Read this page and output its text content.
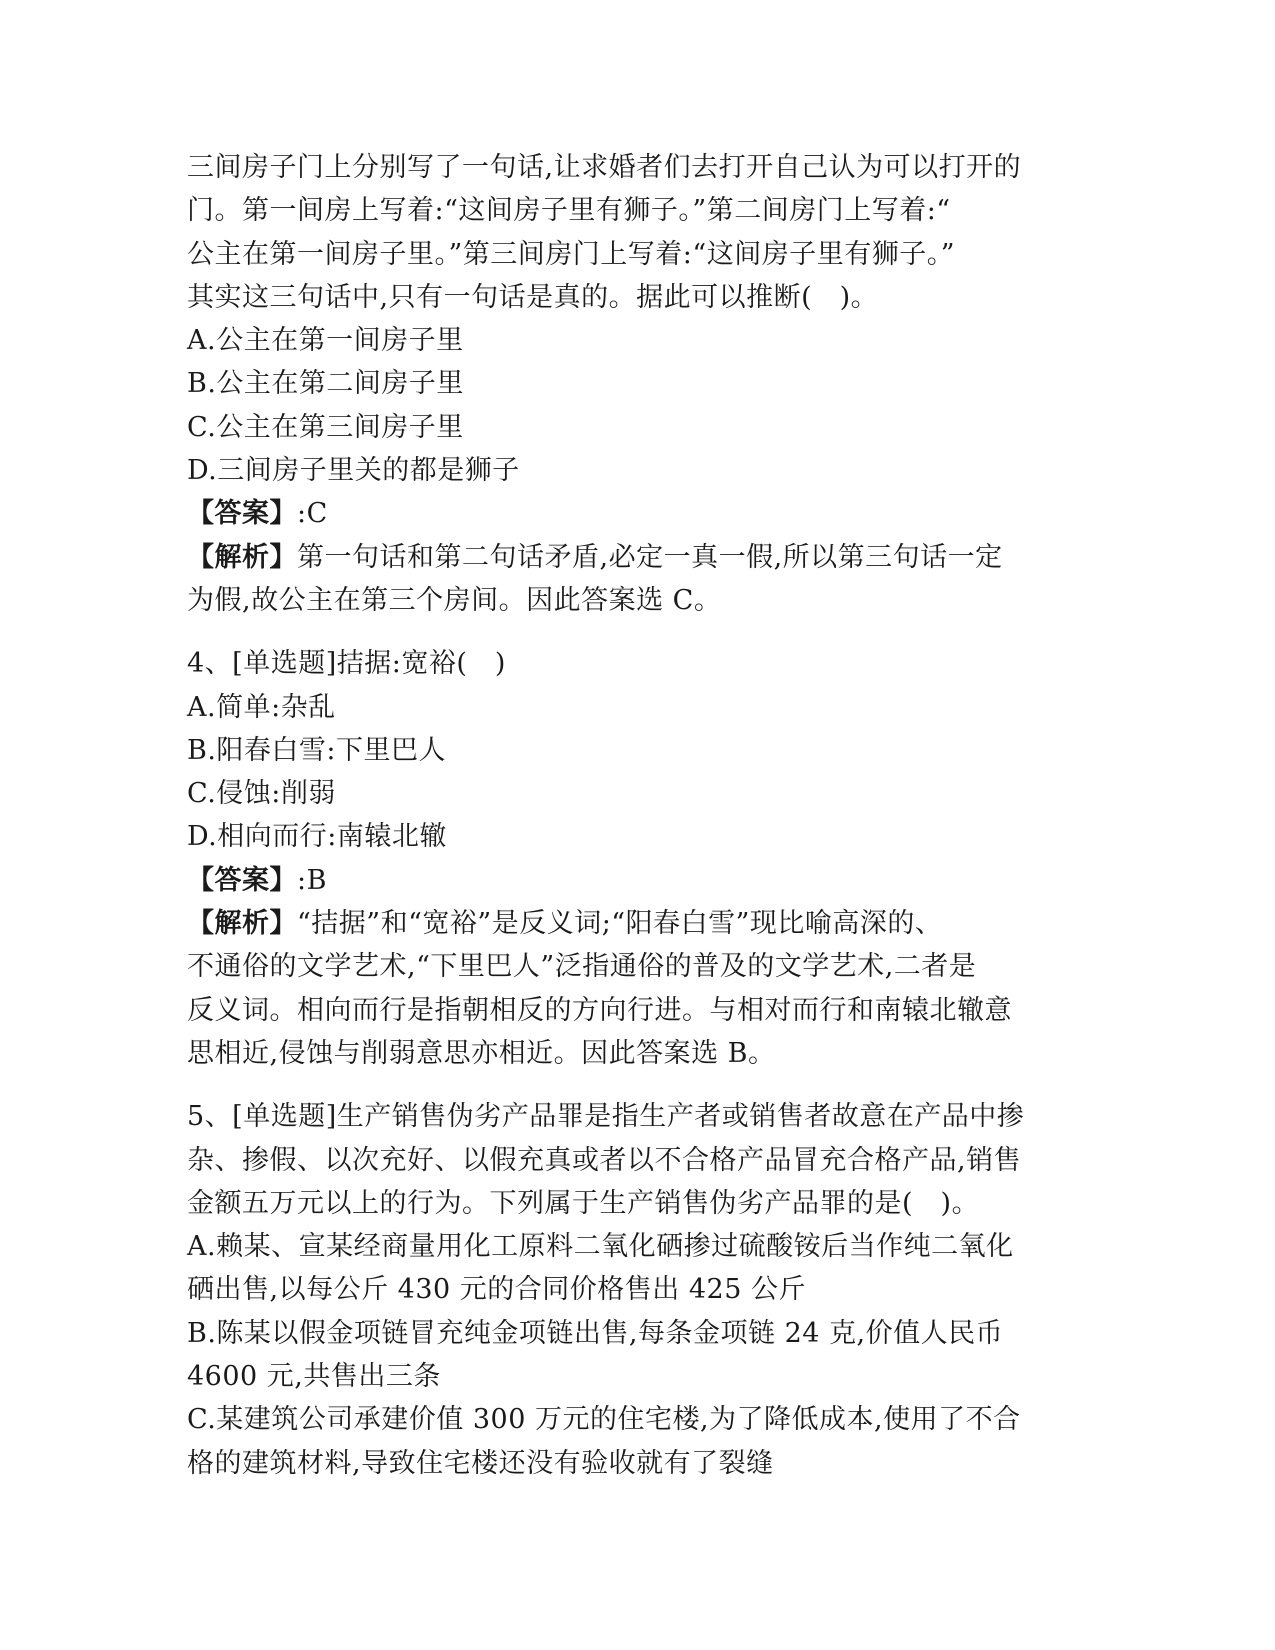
三间房子门上分别写了一句话,让求婚者们去打开自己认为可以打开的
门。第一间房上写着:“这间房子里有狮子。”第二间房门上写着:“
公主在第一间房子里。”第三间房门上写着:“这间房子里有狮子。”
其实这三句话中,只有一句话是真的。据此可以推断(　)。
A.公主在第一间房子里
B.公主在第二间房子里
C.公主在第三间房子里
D.三间房子里关的都是狮子
【答案】:C
【解析】第一句话和第二句话矛盾,必定一真一假,所以第三句话一定
为假,故公主在第三个房间。因此答案选 C。
4、[单选题]拮据:宽裕(　)
A.简单:杂乱
B.阳春白雪:下里巴人
C.侵蚀:削弱
D.相向而行:南辕北辙
【答案】:B
【解析】“拮据”和“宽裕”是反义词;“阳春白雪”现比喻高深的、
不通俗的文学艺术,“下里巴人”泛指通俗的普及的文学艺术,二者是
反义词。相向而行是指朝相反的方向行进。与相对而行和南辕北辙意
思相近,侵蚀与削弱意思亦相近。因此答案选 B。
5、[单选题]生产销售伪劣产品罪是指生产者或销售者故意在产品中掺
杂、掺假、以次充好、以假充真或者以不合格产品冒充合格产品,销售
金额五万元以上的行为。下列属于生产销售伪劣产品罪的是(　)。
A.赖某、宣某经商量用化工原料二氧化硒掺过硫酸铵后当作纯二氧化
硒出售,以每公斤 430 元的合同价格售出 425 公斤
B.陈某以假金项链冒充纯金项链出售,每条金项链 24 克,价值人民币
4600 元,共售出三条
C.某建筑公司承建价值 300 万元的住宅楼,为了降低成本,使用了不合
格的建筑材料,导致住宅楼还没有验收就有了裂缝
